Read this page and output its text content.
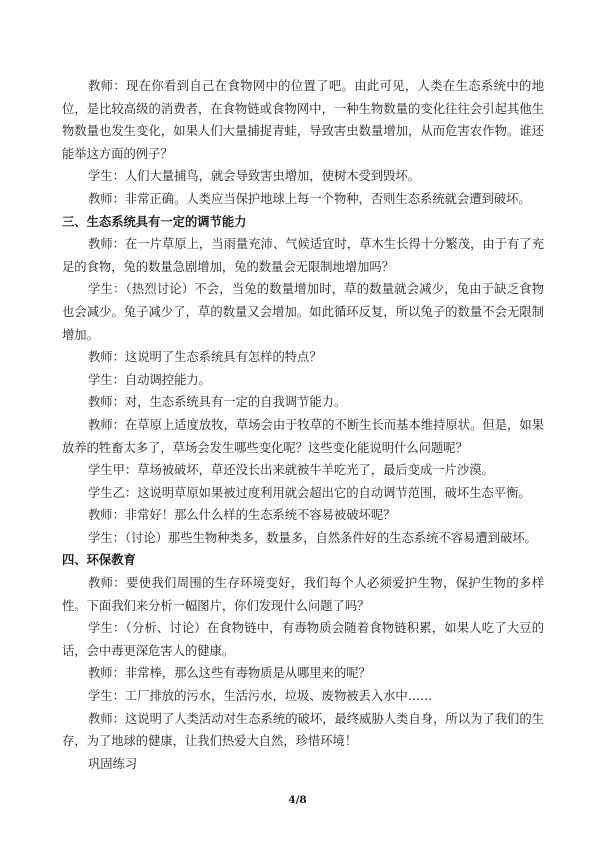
教师：现在你看到自己在食物网中的位置了吧。由此可见，人类在生态系统中的地位，是比较高级的消费者，在食物链或食物网中，一种生物数量的变化往往会引起其他生物数量也发生变化，如果人们大量捕捉青蛙，导致害虫数量增加，从而危害农作物。谁还能举这方面的例子？

学生：人们大量捕鸟，就会导致害虫增加，使树木受到毁坏。

教师：非常正确。人类应当保护地球上每一个物种，否则生态系统就会遭到破坏。

三、生态系统具有一定的调节能力

教师：在一片草原上，当雨量充沛、气候适宜时，草木生长得十分繁茂，由于有了充足的食物，兔的数量急剧增加，兔的数量会无限制地增加吗？

学生：（热烈讨论）不会，当兔的数量增加时，草的数量就会减少，兔由于缺乏食物也会减少。兔子减少了，草的数量又会增加。如此循环反复，所以兔子的数量不会无限制增加。

教师：这说明了生态系统具有怎样的特点？

学生：自动调控能力。

教师：对，生态系统具有一定的自我调节能力。

教师：在草原上适度放牧，草场会由于牧草的不断生长而基本维持原状。但是，如果放养的牲畜太多了，草场会发生哪些变化呢？这些变化能说明什么问题呢？

学生甲：草场被破坏，草还没长出来就被牛羊吃光了，最后变成一片沙漠。

学生乙：这说明草原如果被过度利用就会超出它的自动调节范围，破坏生态平衡。

教师：非常好！那么什么样的生态系统不容易被破坏呢？

学生：（讨论）那些生物种类多，数量多，自然条件好的生态系统不容易遭到破坏。

四、环保教育

教师：要使我们周围的生存环境变好，我们每个人必须爱护生物，保护生物的多样性。下面我们来分析一幅图片，你们发现什么问题了吗？

学生：（分析、讨论）在食物链中，有毒物质会随着食物链积累，如果人吃了大豆的话，会中毒更深危害人的健康。

教师：非常棒，那么这些有毒物质是从哪里来的呢？

学生：工厂排放的污水，生活污水，垃圾、废物被丢入水中……

教师：这说明了人类活动对生态系统的破坏，最终威胁人类自身，所以为了我们的生存，为了地球的健康，让我们热爱大自然，珍惜环境！

巩固练习

4/8
